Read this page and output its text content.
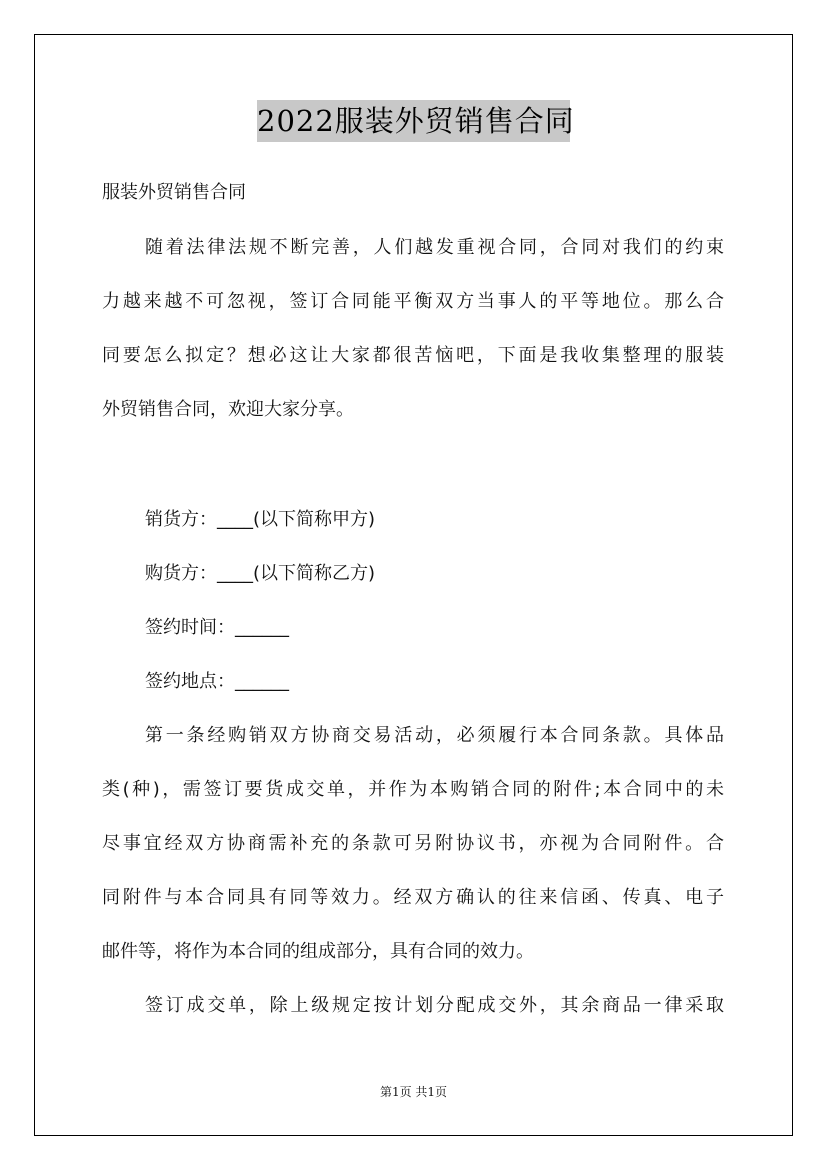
2022服装外贸销售合同
服装外贸销售合同
随着法律法规不断完善，人们越发重视合同，合同对我们的约束
力越来越不可忽视，签订合同能平衡双方当事人的平等地位。那么合
同要怎么拟定？想必这让大家都很苦恼吧，下面是我收集整理的服装
外贸销售合同，欢迎大家分享。
销货方：____(以下简称甲方)
购货方：____(以下简称乙方)
签约时间：______
签约地点：______
第一条经购销双方协商交易活动，必须履行本合同条款。具体品
类(种)，需签订要货成交单，并作为本购销合同的附件;本合同中的未
尽事宜经双方协商需补充的条款可另附协议书，亦视为合同附件。合
同附件与本合同具有同等效力。经双方确认的往来信函、传真、电子
邮件等，将作为本合同的组成部分，具有合同的效力。
签订成交单，除上级规定按计划分配成交外，其余商品一律采取
第1页 共1页
